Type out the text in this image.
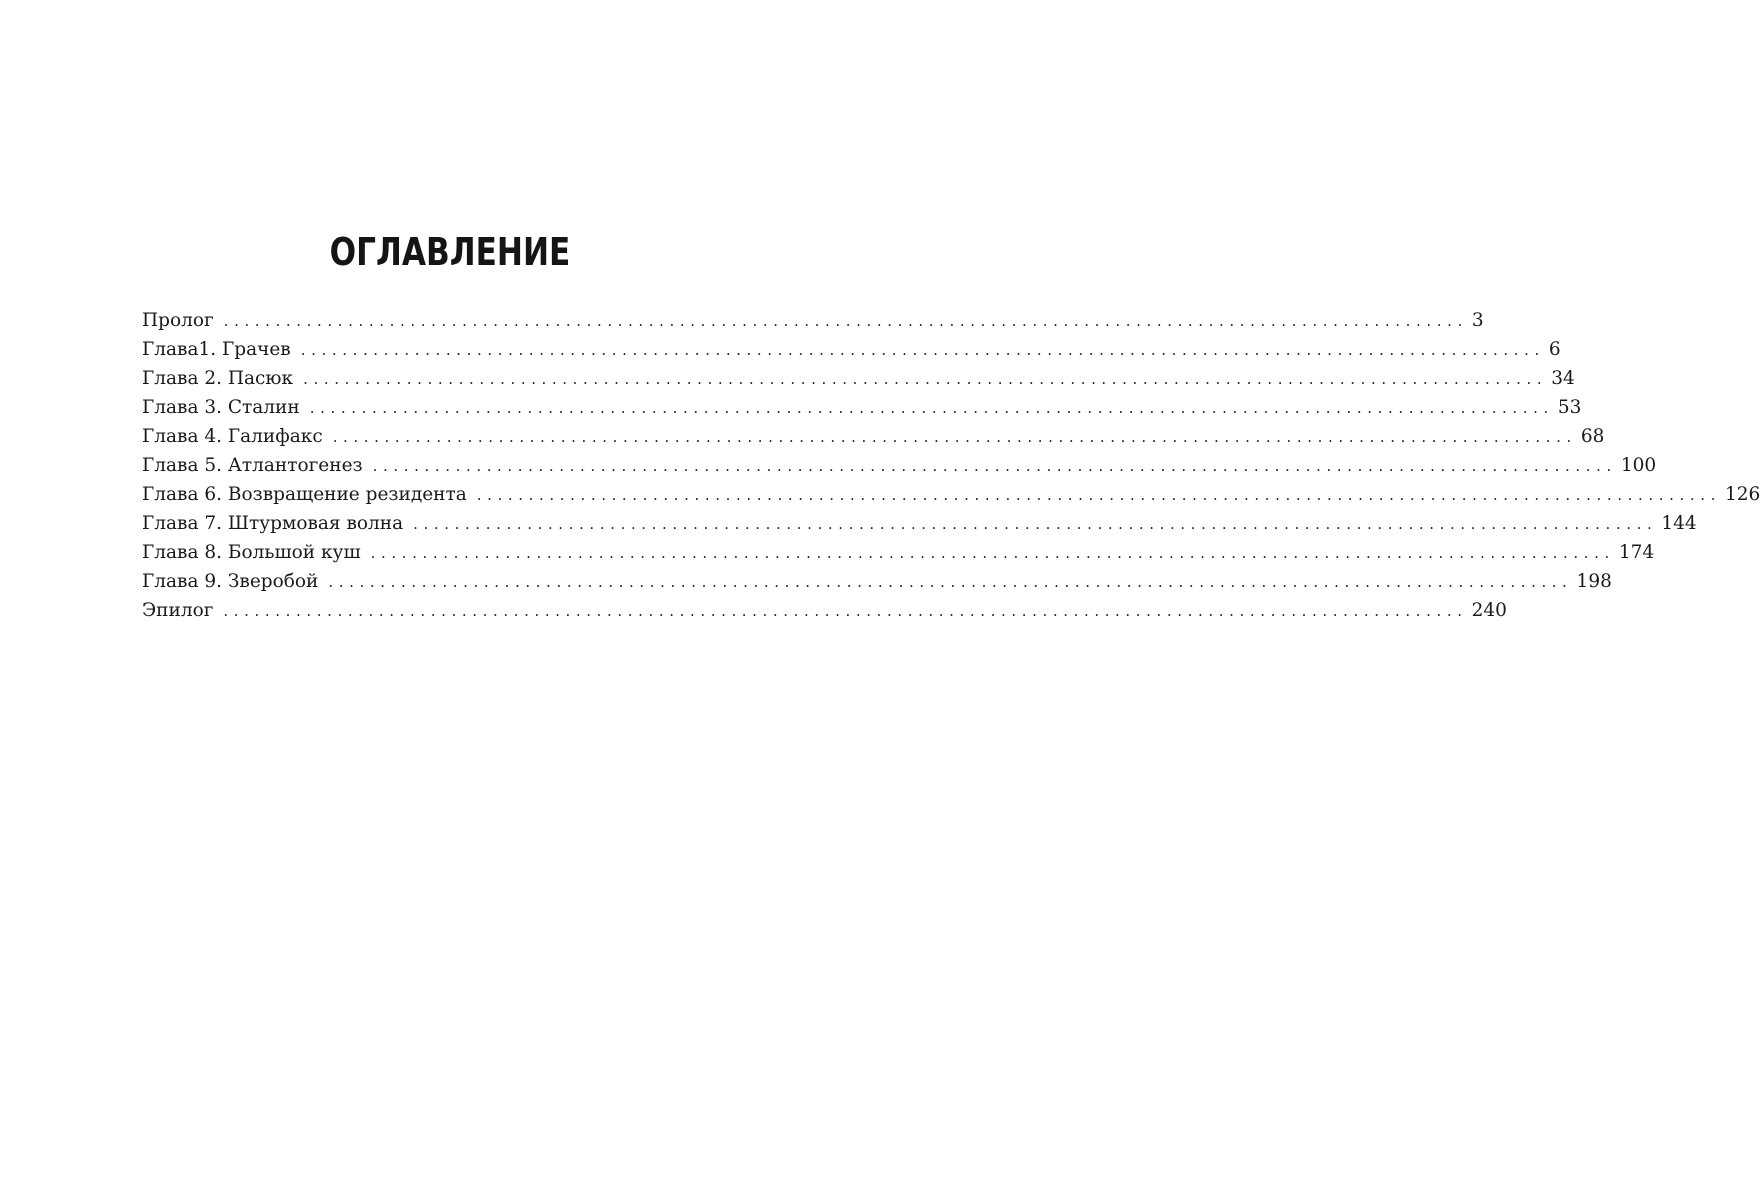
ОГЛАВЛЕНИЕ
Пролог ........................................................................................................................ 3
Глава1. Грачев ........................................................................................................................ 6
Глава 2. Пасюк ........................................................................................................................ 34
Глава 3. Сталин ........................................................................................................................ 53
Глава 4. Галифакс ........................................................................................................................ 68
Глава 5. Атлантогенез ........................................................................................................................ 100
Глава 6. Возвращение резидента ........................................................................................................................ 126
Глава 7. Штурмовая волна ........................................................................................................................ 144
Глава 8. Большой куш ........................................................................................................................ 174
Глава 9. Зверобой ........................................................................................................................ 198
Эпилог ........................................................................................................................ 240
